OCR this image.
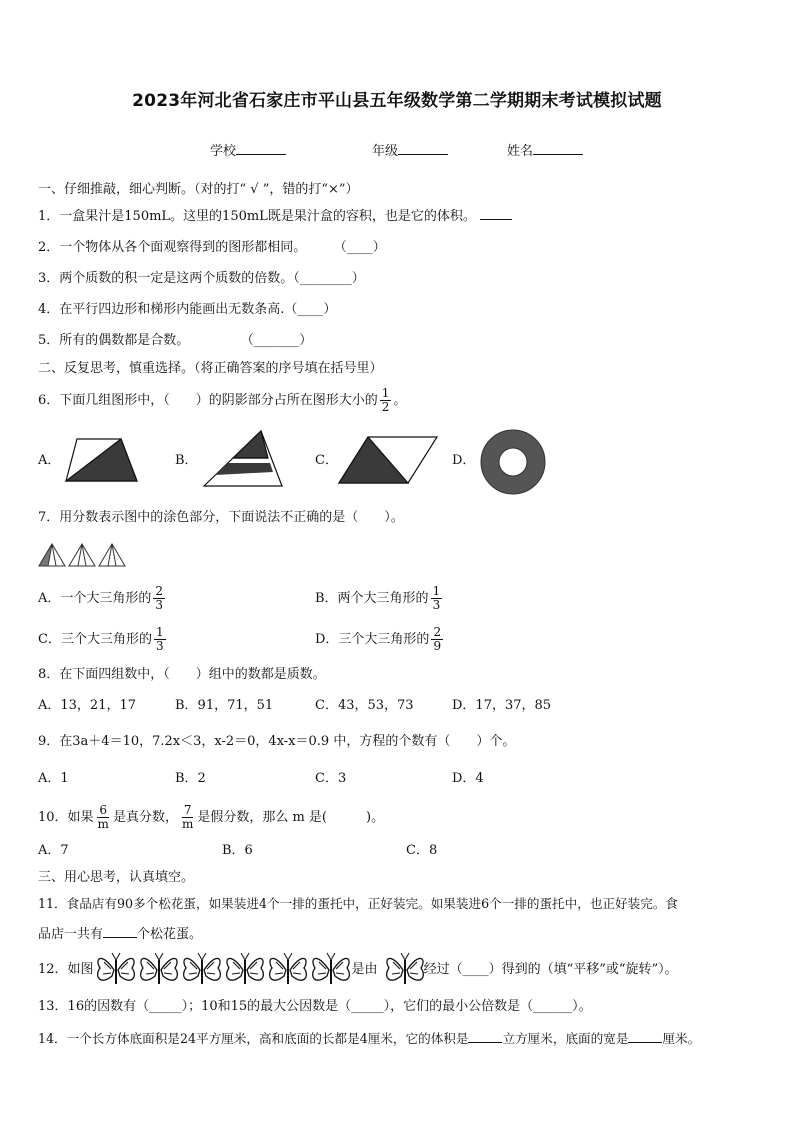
2023年河北省石家庄市平山县五年级数学第二学期期末考试模拟试题
学校	年级	姓名
一、仔细推敲，细心判断。（对的打“ √ ”，错的打“×”）
1．一盒果汁是150mL。这里的150mL既是果汁盒的容积，也是它的体积。
2．一个物体从各个面观察得到的图形都相同。	（____）
3．两个质数的积一定是这两个质数的倍数。（________）
4．在平行四边形和梯形内能画出无数条高.（____）
5．所有的偶数都是合数。	（_______）
二、反复思考，慎重选择。（将正确答案的序号填在括号里）
6．下面几组图形中，（　　）的阴影部分占所在图形大小的 $\frac{1}{2}$ 。
A．	B．	C．	D．
7．用分数表示图中的涂色部分，下面说法不正确的是（　　）。
A．一个大三角形的 $\frac{2}{3}$	B．两个大三角形的 $\frac{1}{3}$
C．三个大三角形的 $\frac{1}{3}$	D．三个大三角形的 $\frac{2}{9}$
8．在下面四组数中，（　　）组中的数都是质数。
A．13，21，17	B．91，71，51	C．43，53，73	D．17，37，85
9．在3a＋4＝10，7.2x＜3，x-2＝0，4x-x＝0.9 中，方程的个数有（　　）个。
A．1	B．2	C．3	D．4
10．如果 $\frac{6}{m}$ 是真分数， $\frac{7}{m}$ 是假分数，那么 m 是(　　　)。
A．7	B．6	C．8
三、用心思考，认真填空。
11．食品店有90多个松花蛋，如果装进4个一排的蛋托中，正好装完。如果装进6个一排的蛋托中，也正好装完。食
品店一共有	个松花蛋。
12．如图	是由	经过（____）得到的（填“平移”或“旋转”）。
13．16的因数有（_____）；10和15的最大公因数是（_____），它们的最小公倍数是（______）。
14．一个长方体底面积是24平方厘米，高和底面的长都是4厘米，它的体积是	立方厘米，底面的宽是	厘米。
